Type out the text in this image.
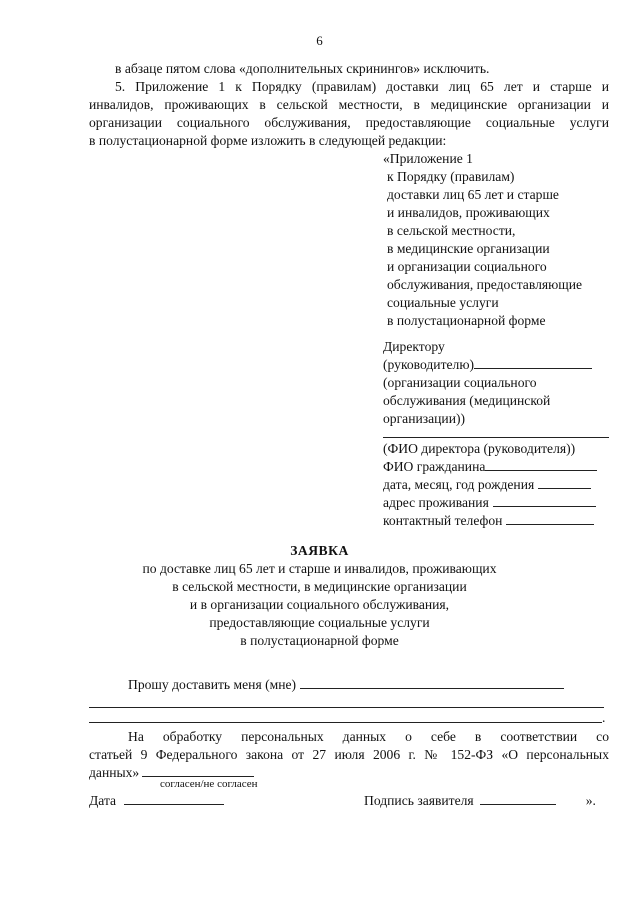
6
в абзаце пятом слова «дополнительных скринингов» исключить.
5. Приложение 1 к Порядку (правилам) доставки лиц 65 лет и старше и
инвалидов, проживающих в сельской местности, в медицинские организации и
организации социального обслуживания, предоставляющие социальные услуги
в полустационарной форме изложить в следующей редакции:
«Приложение 1
к Порядку (правилам)
доставки лиц 65 лет и старше
и инвалидов, проживающих
в сельской местности,
в медицинские организации
и организации социального
обслуживания, предоставляющие
социальные услуги
в полустационарной форме
Директору
(руководителю)
(организации социального
обслуживания (медицинской
организации))
(ФИО директора (руководителя))
ФИО гражданина
дата, месяц, год рождения
адрес проживания
контактный телефон
ЗАЯВКА
по доставке лиц 65 лет и старше и инвалидов, проживающих
в сельской местности, в медицинские организации
и в организации социального обслуживания,
предоставляющие социальные услуги
в полустационарной форме
Прошу доставить меня (мне)
.
На обработку персональных данных о себе в соответствии со
статьей 9 Федерального закона от 27 июля 2006 г. № 152-ФЗ «О персональных
данных»
согласен/не согласен
Дата	Подпись заявителя	».
